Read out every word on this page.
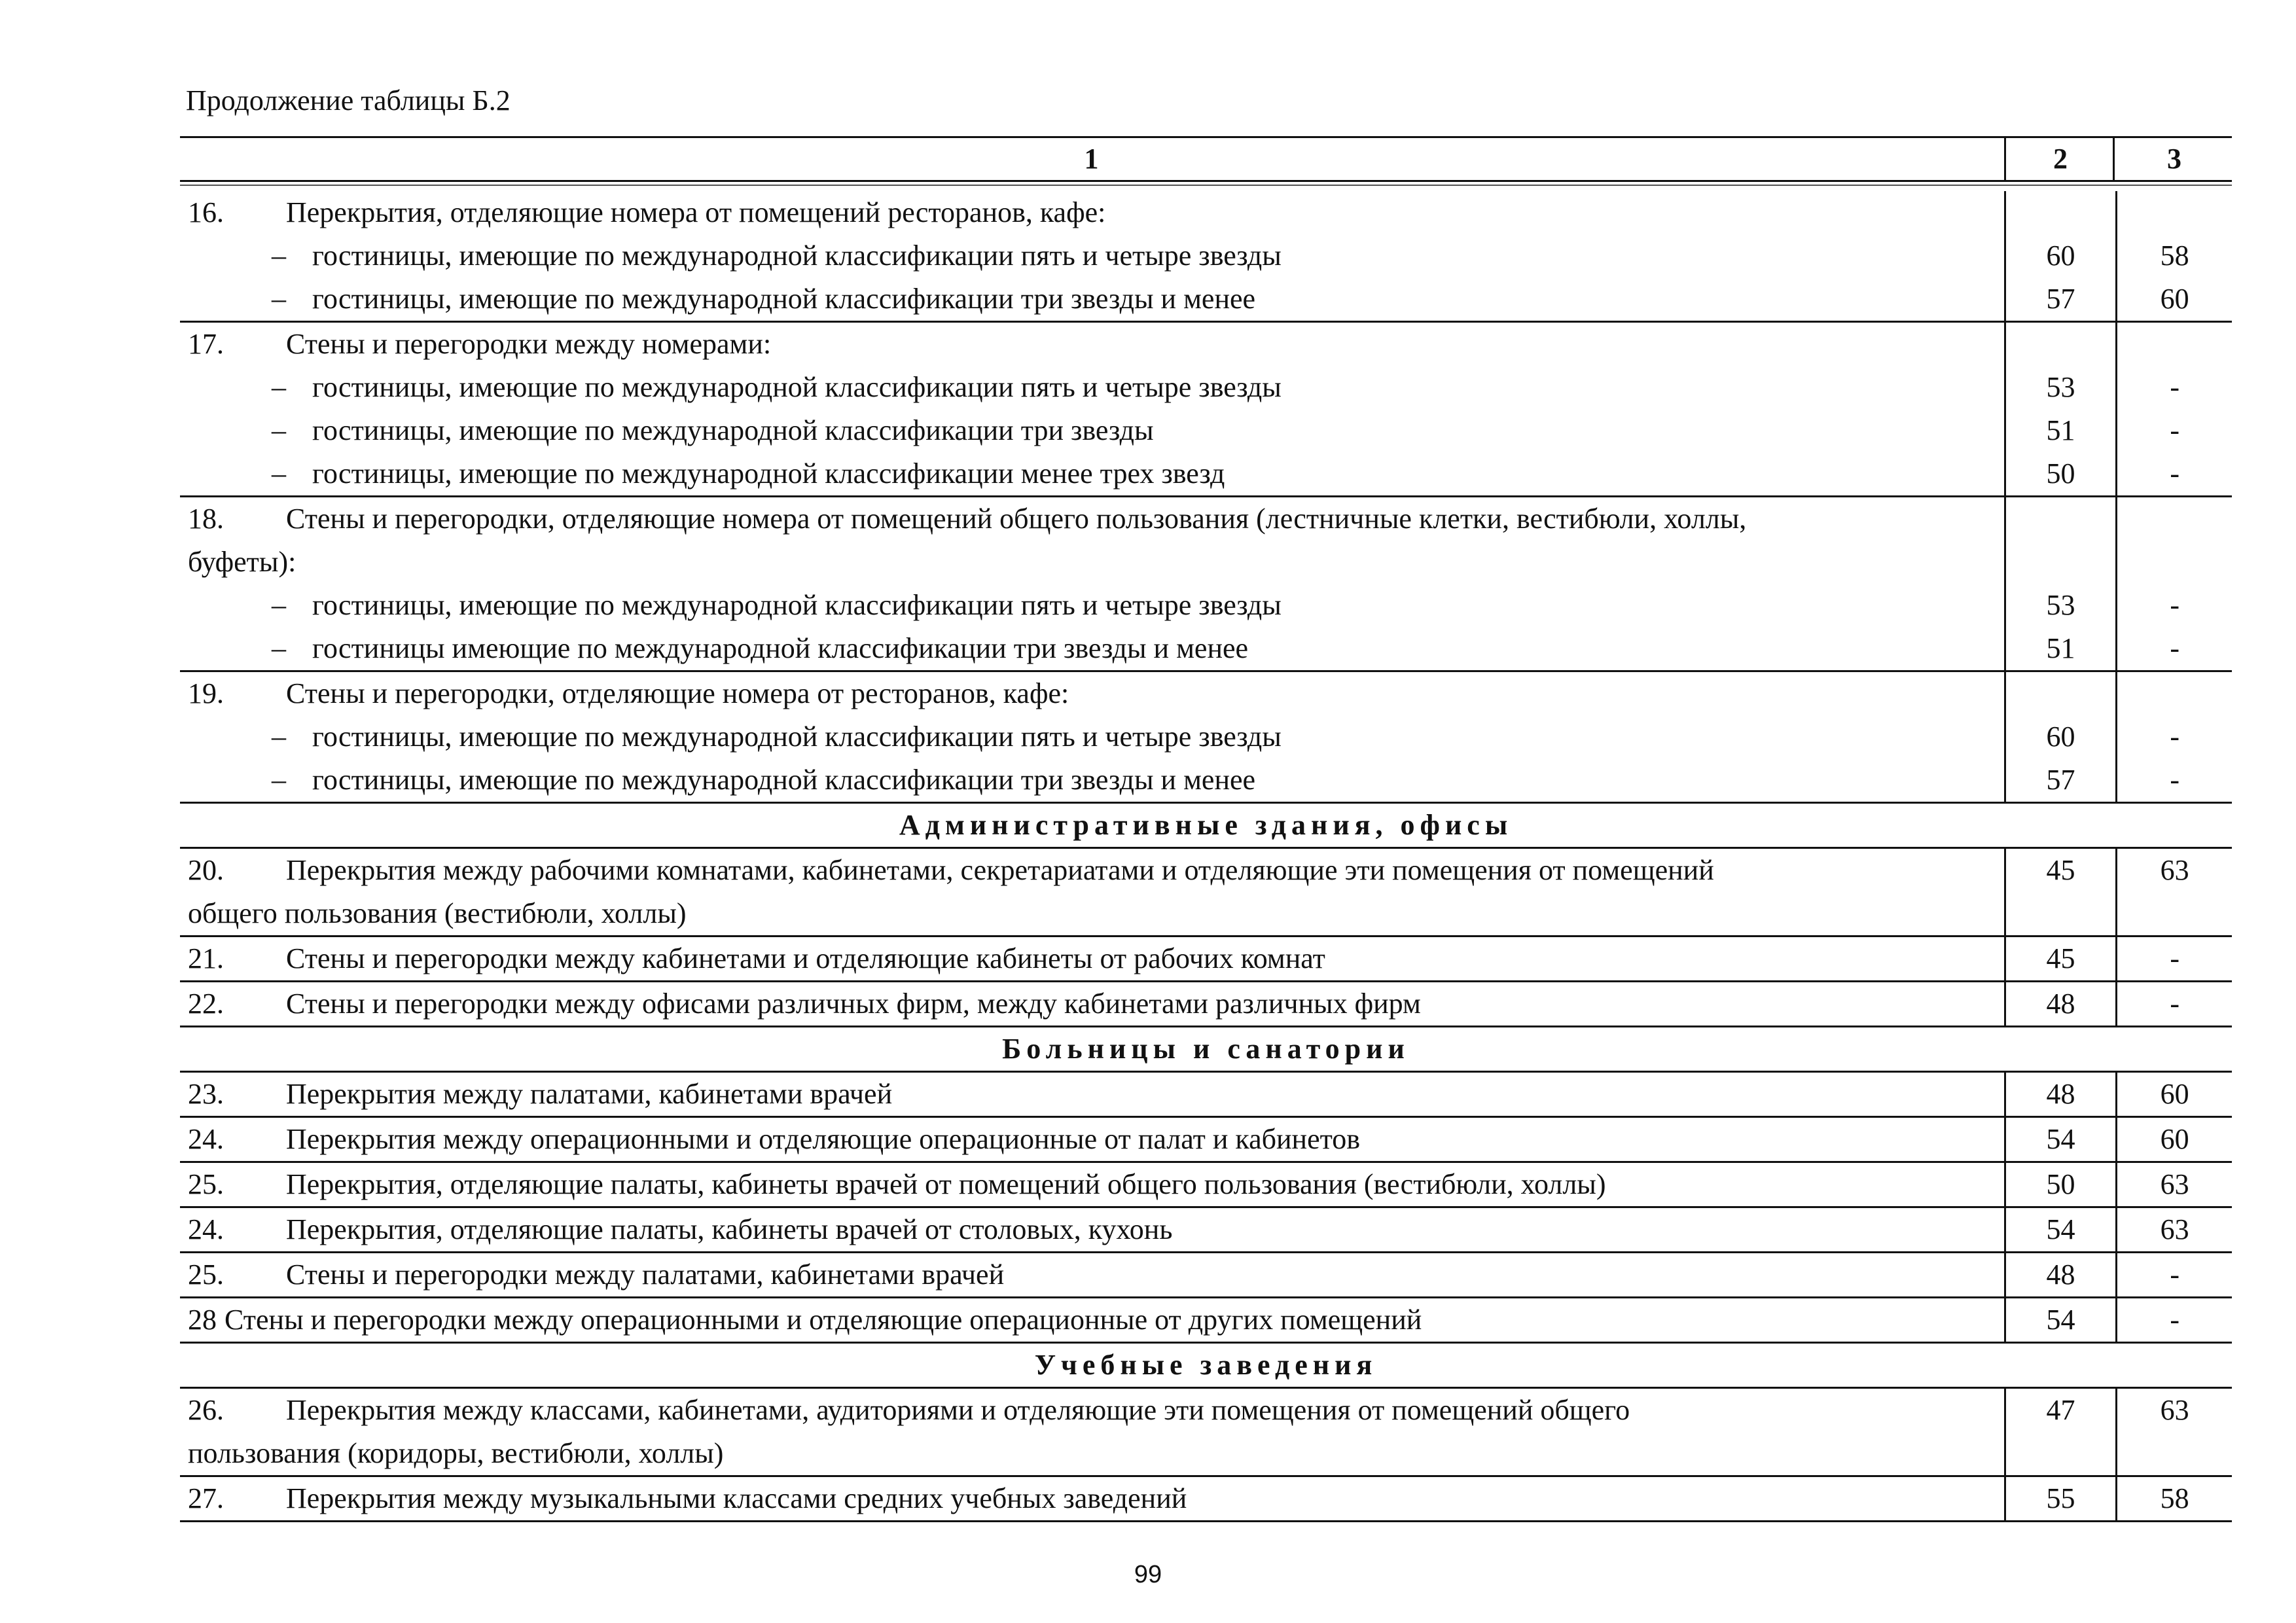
Продолжение таблицы Б.2
1	2	3
16. Перекрытия, отделяющие номера от помещений ресторанов, кафе:
– гостиницы, имеющие по международной классификации пять и четыре звезды	60	58
– гостиницы, имеющие по международной классификации три звезды и менее	57	60
17. Стены и перегородки между номерами:
– гостиницы, имеющие по международной классификации пять и четыре звезды	53	-
– гостиницы, имеющие по международной классификации три звезды	51	-
– гостиницы, имеющие по международной классификации менее трех звезд	50	-
18. Стены и перегородки, отделяющие номера от помещений общего пользования (лестничные клетки, вестибюли, холлы,
буфеты):
– гостиницы, имеющие по международной классификации пять и четыре звезды	53	-
– гостиницы имеющие по международной классификации три звезды и менее	51	-
19. Стены и перегородки, отделяющие номера от ресторанов, кафе:
– гостиницы, имеющие по международной классификации пять и четыре звезды	60	-
– гостиницы, имеющие по международной классификации три звезды и менее	57	-
Административные здания, офисы
20. Перекрытия между рабочими комнатами, кабинетами, секретариатами и отделяющие эти помещения от помещений	45	63
общего пользования (вестибюли, холлы)
21. Стены и перегородки между кабинетами и отделяющие кабинеты от рабочих комнат	45	-
22. Стены и перегородки между офисами различных фирм, между кабинетами различных фирм	48	-
Больницы и санатории
23. Перекрытия между палатами, кабинетами врачей	48	60
24. Перекрытия между операционными и отделяющие операционные от палат и кабинетов	54	60
25. Перекрытия, отделяющие палаты, кабинеты врачей от помещений общего пользования (вестибюли, холлы)	50	63
24. Перекрытия, отделяющие палаты, кабинеты врачей от столовых, кухонь	54	63
25. Стены и перегородки между палатами, кабинетами врачей	48	-
28 Стены и перегородки между операционными и отделяющие операционные от других помещений	54	-
Учебные заведения
26. Перекрытия между классами, кабинетами, аудиториями и отделяющие эти помещения от помещений общего	47	63
пользования (коридоры, вестибюли, холлы)
27. Перекрытия между музыкальными классами средних учебных заведений	55	58
99
